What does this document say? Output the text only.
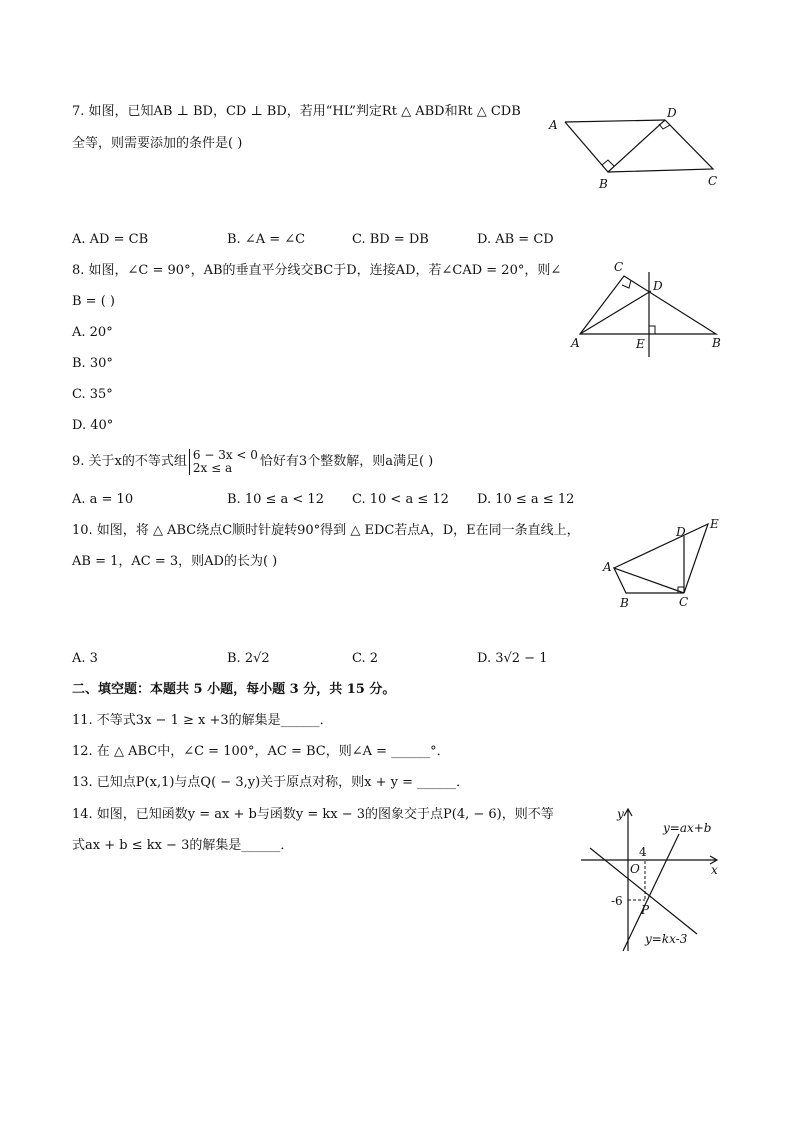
7. 如图，已知AB ⊥ BD，CD ⊥ BD，若用“HL”判定Rt △ ABD和Rt △ CDB
全等，则需要添加的条件是( )
A
B	C
D
A. AD = CB	B. ∠A = ∠C	C. BD = DB	D. AB = CD
8. 如图，∠C = 90°，AB的垂直平分线交BC于D，连接AD，若∠CAD = 20°，则∠
B = ( )
C
D
A	E	B
A. 20°
B. 30°
C. 35°
D. 40°
9. 关于x的不等式组 6 − 3x < 0
2x ≤ a	恰好有3个整数解，则a满足( )
A. a = 10	B. 10 ≤ a < 12 C. 10 < a ≤ 12 D. 10 ≤ a ≤ 12
10. 如图，将 △ ABC绕点C顺时针旋转90°得到 △ EDC若点A，D，E在同一条直线上，
AB = 1，AC = 3，则AD的长为( )	A
B	C
D
E
A. 3	B. 2√2	C. 2	D. 3√2 − 1
二、填空题：本题共 5 小题，每小题 3 分，共 15 分。
11. 不等式3x − 1 ≥ x +3的解集是______．
12. 在 △ ABC中，∠C = 100°，AC = BC，则∠A = ______°．
13. 已知点P(x,1)与点Q( − 3,y)关于原点对称，则x + y = ______．
14. 如图，已知函数y = ax + b与函数y = kx − 3的图象交于点P(4, − 6)，则不等
式ax + b ≤ kx − 3的解集是______．
y
x
O
4
-6
P
y=ax+b
y=kx-3
